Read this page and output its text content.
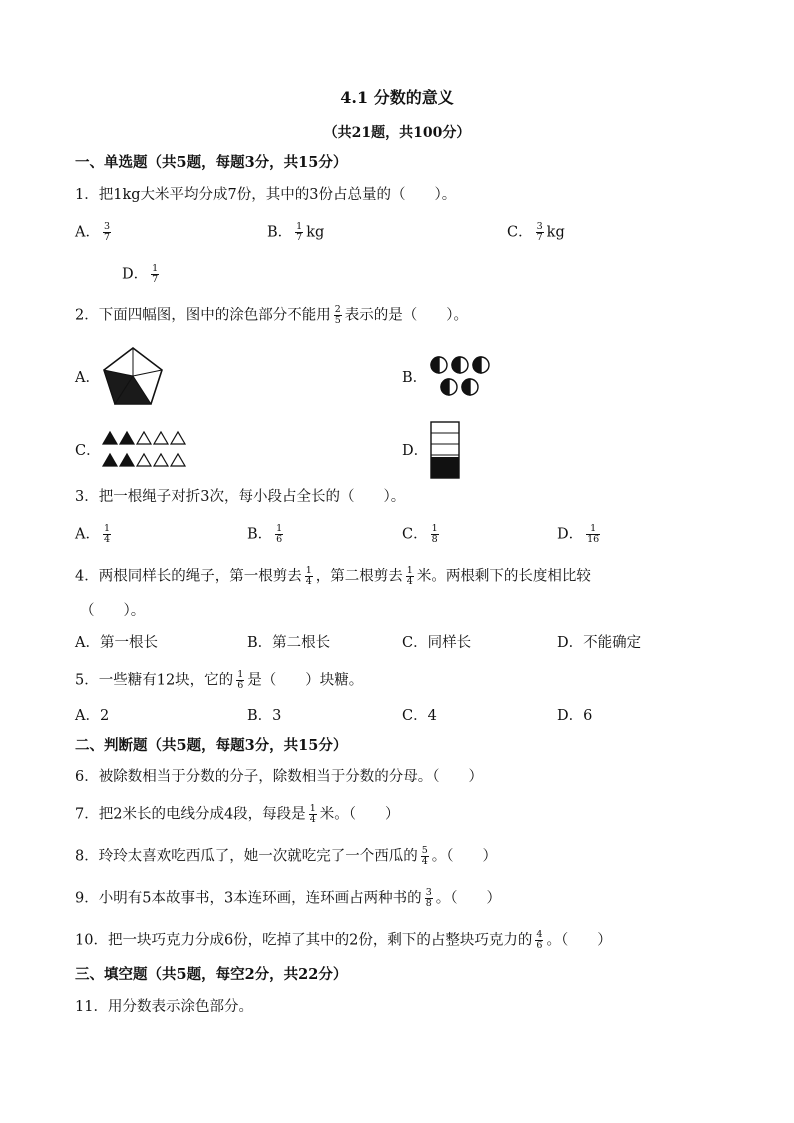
4.1 分数的意义
（共21题，共100分）
一、单选题（共5题，每题3分，共15分）
1．把1kg大米平均分成7份，其中的3份占总量的（　　）。
A． $\frac{3}{7}$	B． $\frac{1}{7}$ kg	C． $\frac{3}{7}$ kg
D． $\frac{1}{7}$
2．下面四幅图，图中的涂色部分不能用 $\frac{2}{5}$ 表示的是（　　）。
A．	B．
C．	D．
3．把一根绳子对折3次，每小段占全长的（　　）。
A． $\frac{1}{4}$	B． $\frac{1}{6}$	C． $\frac{1}{8}$	D． $\frac{1}{16}$
4．两根同样长的绳子，第一根剪去 $\frac{1}{4}$ ，第二根剪去 $\frac{1}{4}$ 米。两根剩下的长度相比较
（　　）。
A．第一根长	B．第二根长	C．同样长	D．不能确定
5．一些糖有12块，它的 $\frac{1}{6}$ 是（　　）块糖。
A．2	B．3	C．4	D．6
二、判断题（共5题，每题3分，共15分）
6．被除数相当于分数的分子，除数相当于分数的分母。（　　）
7．把2米长的电线分成4段，每段是 $\frac{1}{4}$ 米。（　　）
8．玲玲太喜欢吃西瓜了，她一次就吃完了一个西瓜的 $\frac{5}{4}$ 。（　　）
9．小明有5本故事书，3本连环画，连环画占两种书的 $\frac{3}{8}$ 。（　　）
10．把一块巧克力分成6份，吃掉了其中的2份，剩下的占整块巧克力的 $\frac{4}{6}$ 。（　　）
三、填空题（共5题，每空2分，共22分）
11．用分数表示涂色部分。
